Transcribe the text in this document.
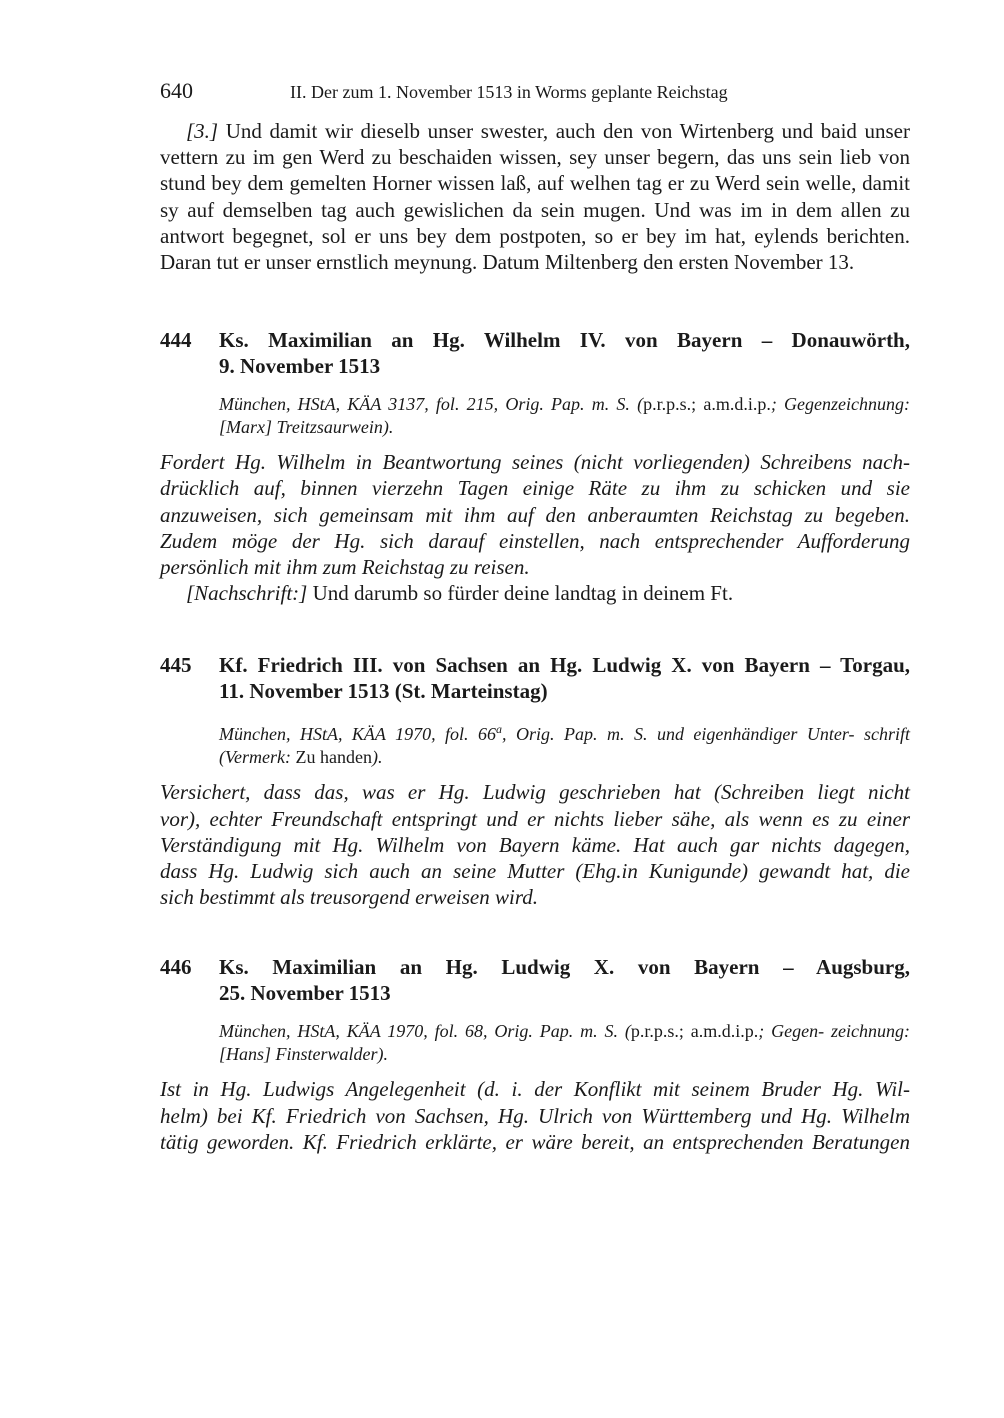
640	II. Der zum 1. November 1513 in Worms geplante Reichstag

[3.] Und damit wir dieselb unser swester, auch den von Wirtenberg und baid unser vettern zu im gen Werd zu beschaiden wissen, sey unser begern, das uns sein lieb von stund bey dem gemelten Horner wissen laß, auf welhen tag er zu Werd sein welle, damit sy auf demselben tag auch gewislichen da sein mugen. Und was im in dem allen zu antwort begegnet, sol er uns bey dem postpoten, so er bey im hat, eylends berichten. Daran tut er unser ernstlich meynung. Datum Miltenberg den ersten November 13.

444	Ks. Maximilian an Hg. Wilhelm IV. von Bayern – Donauwörth,
9. November 1513

München, HStA, KÄA 3137, fol. 215, Orig. Pap. m. S. (p.r.p.s.; a.m.d.i.p.; Gegenzeichnung: [Marx] Treitzsaurwein).

Fordert Hg. Wilhelm in Beantwortung seines (nicht vorliegenden) Schreibens nach-
drücklich auf, binnen vierzehn Tagen einige Räte zu ihm zu schicken und sie
anzuweisen, sich gemeinsam mit ihm auf den anberaumten Reichstag zu begeben.
Zudem möge der Hg. sich darauf einstellen, nach entsprechender Aufforderung
persönlich mit ihm zum Reichstag zu reisen.

[Nachschrift:] Und darumb so fürder deine landtag in deinem Ft.

445	Kf. Friedrich III. von Sachsen an Hg. Ludwig X. von Bayern – Torgau,
11. November 1513 (St. Marteinstag)

München, HStA, KÄA 1970, fol. 66$^a$, Orig. Pap. m. S. und eigenhändiger Unter- schrift (Vermerk: Zu handen).

Versichert, dass das, was er Hg. Ludwig geschrieben hat (Schreiben liegt nicht
vor), echter Freundschaft entspringt und er nichts lieber sähe, als wenn es zu einer
Verständigung mit Hg. Wilhelm von Bayern käme. Hat auch gar nichts dagegen,
dass Hg. Ludwig sich auch an seine Mutter (Ehg.in Kunigunde) gewandt hat, die
sich bestimmt als treusorgend erweisen wird.

446	Ks. Maximilian an Hg. Ludwig X. von Bayern – Augsburg,
25. November 1513

München, HStA, KÄA 1970, fol. 68, Orig. Pap. m. S. (p.r.p.s.; a.m.d.i.p.; Gegen- zeichnung: [Hans] Finsterwalder).

Ist in Hg. Ludwigs Angelegenheit (d. i. der Konflikt mit seinem Bruder Hg. Wil-
helm) bei Kf. Friedrich von Sachsen, Hg. Ulrich von Württemberg und Hg. Wilhelm
tätig geworden. Kf. Friedrich erklärte, er wäre bereit, an entsprechenden Beratungen
